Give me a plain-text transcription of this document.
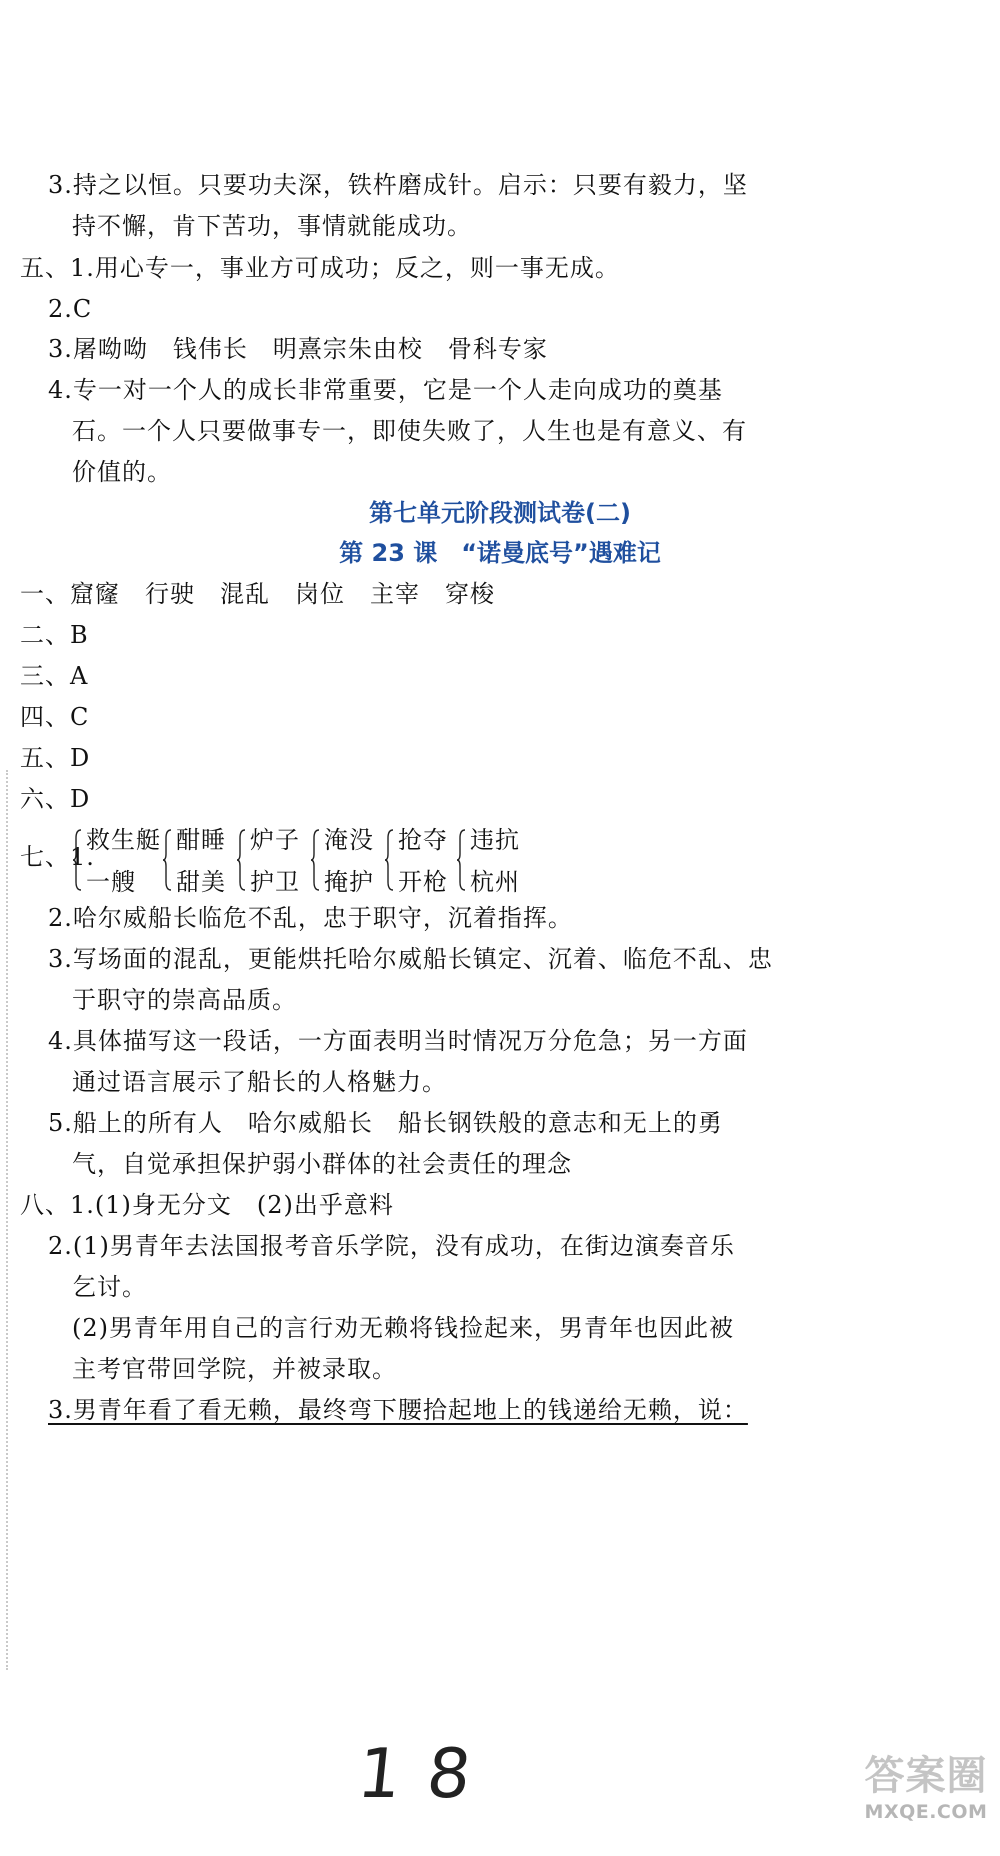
3.持之以恒。只要功夫深，铁杵磨成针。启示：只要有毅力，坚
持不懈，肯下苦功，事情就能成功。
五、1.用心专一，事业方可成功；反之，则一事无成。
2.C
3.屠呦呦　钱伟长　明熹宗朱由校　骨科专家
4.专一对一个人的成长非常重要，它是一个人走向成功的奠基
石。一个人只要做事专一，即使失败了，人生也是有意义、有
价值的。
第七单元阶段测试卷(二)
第 23 课　“诺曼底号”遇难记
一、窟窿　行驶　混乱　岗位　主宰　穿梭
二、B
三、A
四、C
五、D
六、D
七、1.
救生艇
一艘
酣睡
甜美
炉子
护卫
淹没
掩护
抢夺
开枪
违抗
杭州
2.哈尔威船长临危不乱，忠于职守，沉着指挥。
3.写场面的混乱，更能烘托哈尔威船长镇定、沉着、临危不乱、忠
于职守的崇高品质。
4.具体描写这一段话，一方面表明当时情况万分危急；另一方面
通过语言展示了船长的人格魅力。
5.船上的所有人　哈尔威船长　船长钢铁般的意志和无上的勇
气，自觉承担保护弱小群体的社会责任的理念
八、1.(1)身无分文　(2)出乎意料
2.(1)男青年去法国报考音乐学院，没有成功，在街边演奏音乐
乞讨。
(2)男青年用自己的言行劝无赖将钱捡起来，男青年也因此被
主考官带回学院，并被录取。
3.男青年看了看无赖，最终弯下腰拾起地上的钱递给无赖，说：
18	答案圈
MXQE.COM
